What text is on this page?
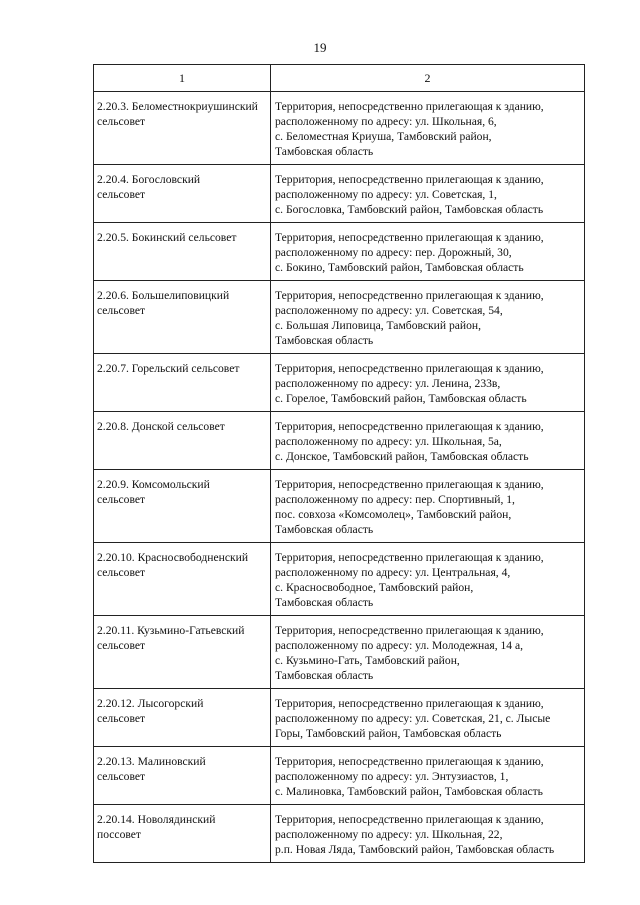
19
1	2

2.20.3. Беломестнокриушинский
сельсовет	Территория, непосредственно прилегающая к зданию,
расположенному по адресу: ул. Школьная, 6,
с. Беломестная Криуша, Тамбовский район,
Тамбовская область

2.20.4. Богословский
сельсовет	Территория, непосредственно прилегающая к зданию,
расположенному по адресу: ул. Советская, 1,
с. Богословка, Тамбовский район, Тамбовская область

2.20.5. Бокинский сельсовет	Территория, непосредственно прилегающая к зданию,
расположенному по адресу: пер. Дорожный, 30,
с. Бокино, Тамбовский район, Тамбовская область

2.20.6. Большелиповицкий
сельсовет	Территория, непосредственно прилегающая к зданию,
расположенному по адресу: ул. Советская, 54,
с. Большая Липовица, Тамбовский район,
Тамбовская область

2.20.7. Горельский сельсовет	Территория, непосредственно прилегающая к зданию,
расположенному по адресу: ул. Ленина, 233в,
с. Горелое, Тамбовский район, Тамбовская область

2.20.8. Донской сельсовет	Территория, непосредственно прилегающая к зданию,
расположенному по адресу: ул. Школьная, 5а,
с. Донское, Тамбовский район, Тамбовская область

2.20.9. Комсомольский
сельсовет	Территория, непосредственно прилегающая к зданию,
расположенному по адресу: пер. Спортивный, 1,
пос. совхоза «Комсомолец», Тамбовский район,
Тамбовская область

2.20.10. Красносвободненский
сельсовет	Территория, непосредственно прилегающая к зданию,
расположенному по адресу: ул. Центральная, 4,
с. Красносвободное, Тамбовский район,
Тамбовская область

2.20.11. Кузьмино-Гатьевский
сельсовет	Территория, непосредственно прилегающая к зданию,
расположенному по адресу: ул. Молодежная, 14 а,
с. Кузьмино-Гать, Тамбовский район,
Тамбовская область

2.20.12. Лысогорский
сельсовет	Территория, непосредственно прилегающая к зданию,
расположенному по адресу: ул. Советская, 21, с. Лысые
Горы, Тамбовский район, Тамбовская область

2.20.13. Малиновский
сельсовет	Территория, непосредственно прилегающая к зданию,
расположенному по адресу: ул. Энтузиастов, 1,
с. Малиновка, Тамбовский район, Тамбовская область

2.20.14. Новолядинский
поссовет	Территория, непосредственно прилегающая к зданию,
расположенному по адресу: ул. Школьная, 22,
р.п. Новая Ляда, Тамбовский район, Тамбовская область
